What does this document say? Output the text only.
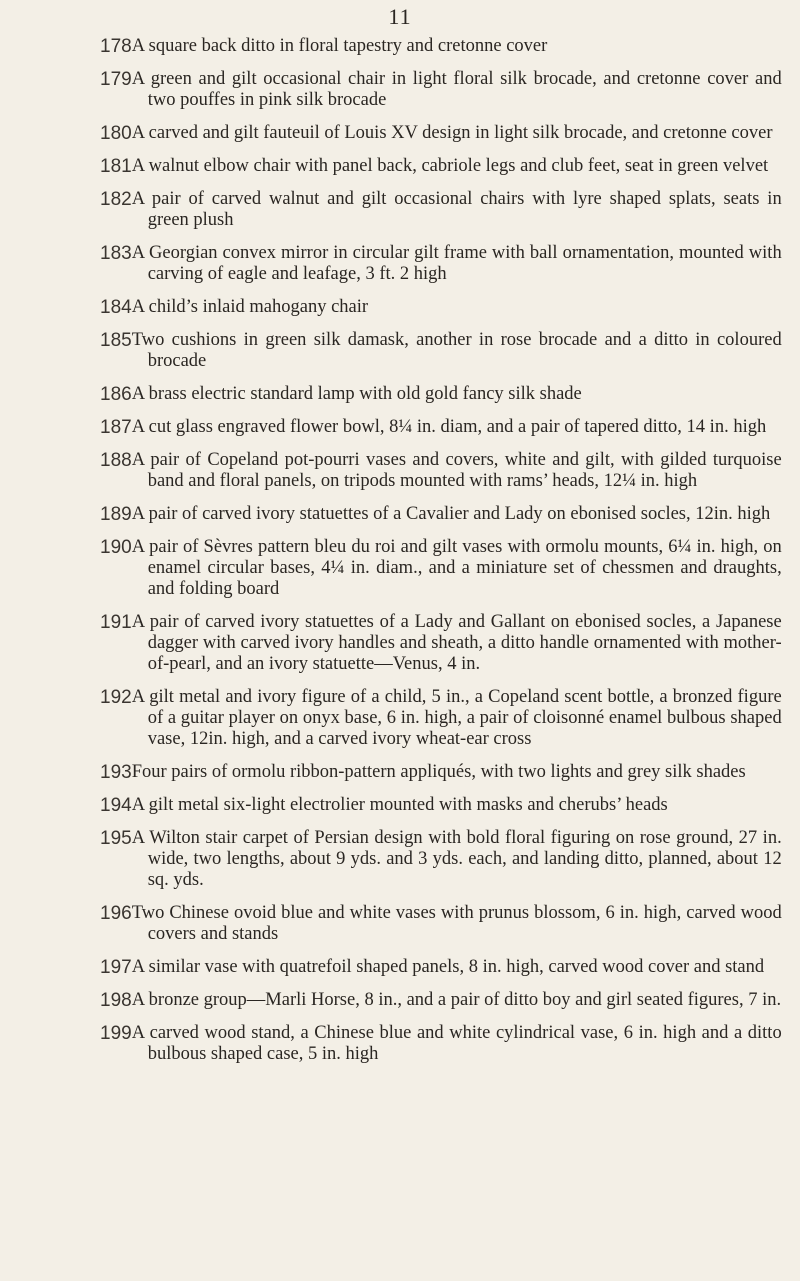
11
178 A square back ditto in floral tapestry and cretonne cover
179 A green and gilt occasional chair in light floral silk brocade, and cretonne cover and two pouffes in pink silk brocade
180 A carved and gilt fauteuil of Louis XV design in light silk brocade, and cretonne cover
181 A walnut elbow chair with panel back, cabriole legs and club feet, seat in green velvet
182 A pair of carved walnut and gilt occasional chairs with lyre shaped splats, seats in green plush
183 A Georgian convex mirror in circular gilt frame with ball ornamentation, mounted with carving of eagle and leafage, 3 ft. 2 high
184 A child’s inlaid mahogany chair
185 Two cushions in green silk damask, another in rose brocade and a ditto in coloured brocade
186 A brass electric standard lamp with old gold fancy silk shade
187 A cut glass engraved flower bowl, 8¼ in. diam, and a pair of tapered ditto, 14 in. high
188 A pair of Copeland pot-pourri vases and covers, white and gilt, with gilded turquoise band and floral panels, on tripods mounted with rams’ heads, 12¼ in. high
189 A pair of carved ivory statuettes of a Cavalier and Lady on ebonised socles, 12in. high
190 A pair of Sèvres pattern bleu du roi and gilt vases with ormolu mounts, 6¼ in. high, on enamel circular bases, 4¼ in. diam., and a miniature set of chessmen and draughts, and folding board
191 A pair of carved ivory statuettes of a Lady and Gallant on ebonised socles, a Japanese dagger with carved ivory handles and sheath, a ditto handle ornamented with mother-of-pearl, and an ivory statuette—Venus, 4 in.
192 A gilt metal and ivory figure of a child, 5 in., a Copeland scent bottle, a bronzed figure of a guitar player on onyx base, 6 in. high, a pair of cloisonné enamel bulbous shaped vase, 12in. high, and a carved ivory wheat-ear cross
193 Four pairs of ormolu ribbon-pattern appliqués, with two lights and grey silk shades
194 A gilt metal six-light electrolier mounted with masks and cherubs’ heads
195 A Wilton stair carpet of Persian design with bold floral figuring on rose ground, 27 in. wide, two lengths, about 9 yds. and 3 yds. each, and landing ditto, planned, about 12 sq. yds.
196 Two Chinese ovoid blue and white vases with prunus blossom, 6 in. high, carved wood covers and stands
197 A similar vase with quatrefoil shaped panels, 8 in. high, carved wood cover and stand
198 A bronze group—Marli Horse, 8 in., and a pair of ditto boy and girl seated figures, 7 in.
199 A carved wood stand, a Chinese blue and white cylindrical vase, 6 in. high and a ditto bulbous shaped case, 5 in. high
